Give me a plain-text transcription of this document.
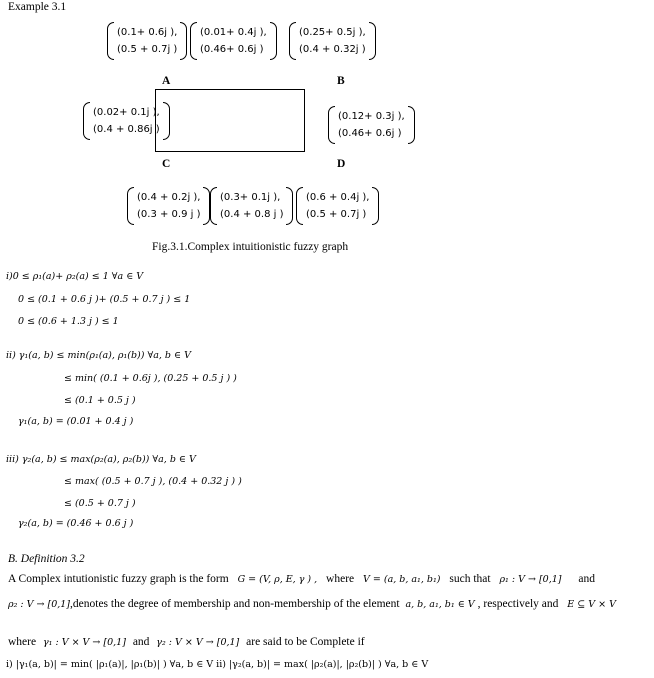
Example 3.1
(0.1+ 0.6j ),
(0.5 + 0.7j )
(0.01+ 0.4j ),
(0.46+ 0.6j )
(0.25+ 0.5j ),
(0.4 + 0.32j )
A	B
C	D
(0.02+ 0.1j ),
(0.4 + 0.86j )
(0.12+ 0.3j ),
(0.46+ 0.6j )
(0.4 + 0.2j ),
(0.3 + 0.9 j )
(0.3+ 0.1j ),
(0.4 + 0.8 j )
(0.6 + 0.4j ),
(0.5 + 0.7j )
Fig.3.1.Complex intuitionistic fuzzy graph
i)0 ≤ ρ₁(a)+ ρ₂(a) ≤ 1 ∀a ∈ V
0 ≤ (0.1 + 0.6 j )+ (0.5 + 0.7 j ) ≤ 1
0 ≤ (0.6 + 1.3 j ) ≤ 1
ii) γ₁(a, b) ≤ min(ρ₁(a), ρ₁(b)) ∀a, b ∈ V
≤ min( (0.1 + 0.6j ), (0.25 + 0.5 j ) )
≤ (0.1 + 0.5 j )
γ₁(a, b) = (0.01 + 0.4 j )
iii) γ₂(a, b) ≤ max(ρ₂(a), ρ₂(b)) ∀a, b ∈ V
≤ max( (0.5 + 0.7 j ), (0.4 + 0.32 j ) )
≤ (0.5 + 0.7 j )
γ₂(a, b) = (0.46 + 0.6 j )
B. Definition 3.2
A Complex intutionistic fuzzy graph is the form G = (V, ρ, E, γ ) , where V = (a, b, a₁, b₁) such that ρ₁ : V → [0,1] and
ρ₂ : V → [0,1],denotes the degree of membership and non-membership of the element a, b, a₁, b₁ ∈ V , respectively and E ⊆ V × V
where γ₁ : V × V → [0,1] and γ₂ : V × V → [0,1] are said to be Complete if
i) |γ₁(a, b)| = min( |ρ₁(a)|, |ρ₁(b)| ) ∀a, b ∈ V ii) |γ₂(a, b)| = max( |ρ₂(a)|, |ρ₂(b)| ) ∀a, b ∈ V
